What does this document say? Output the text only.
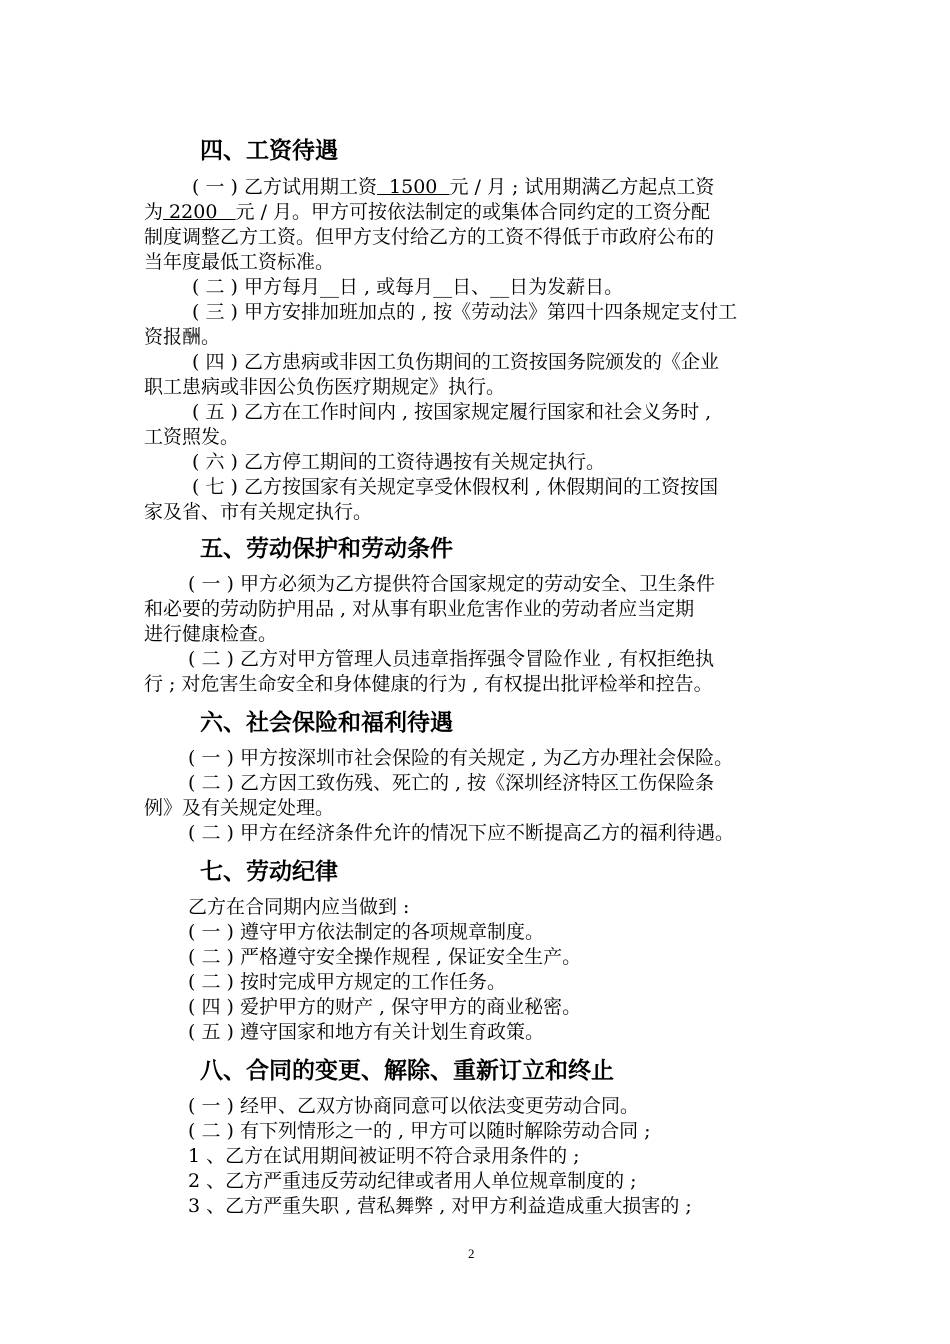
四、工资待遇
( 一 ) 乙方试用期工资  1500  元 / 月 ; 试用期满乙方起点工资
为 2200   元 / 月。甲方可按依法制定的或集体合同约定的工资分配
制度调整乙方工资。但甲方支付给乙方的工资不得低于市政府公布的
当年度最低工资标准。
( 二 ) 甲方每月__日 , 或每月__日、__日为发薪日。
( 三 ) 甲方安排加班加点的 , 按《劳动法》第四十四条规定支付工
资报酬。
( 四 ) 乙方患病或非因工负伤期间的工资按国务院颁发的《企业
职工患病或非因公负伤医疗期规定》执行。
( 五 ) 乙方在工作时间内 , 按国家规定履行国家和社会义务时 ,
工资照发。
( 六 ) 乙方停工期间的工资待遇按有关规定执行。
( 七 ) 乙方按国家有关规定享受休假权利 , 休假期间的工资按国
家及省、市有关规定执行。
五、劳动保护和劳动条件
( 一 ) 甲方必须为乙方提供符合国家规定的劳动安全、卫生条件
和必要的劳动防护用品 , 对从事有职业危害作业的劳动者应当定期
进行健康检查。
( 二 ) 乙方对甲方管理人员违章指挥强令冒险作业 , 有权拒绝执
行 ; 对危害生命安全和身体健康的行为 , 有权提出批评检举和控告。
六、社会保险和福利待遇
( 一 ) 甲方按深圳市社会保险的有关规定 , 为乙方办理社会保险。
( 二 ) 乙方因工致伤残、死亡的 , 按《深圳经济特区工伤保险条
例》及有关规定处理。
( 二 ) 甲方在经济条件允许的情况下应不断提高乙方的福利待遇。
七、劳动纪律
乙方在合同期内应当做到 :
( 一 ) 遵守甲方依法制定的各项规章制度。
( 二 ) 严格遵守安全操作规程 , 保证安全生产。
( 二 ) 按时完成甲方规定的工作任务。
( 四 ) 爱护甲方的财产 , 保守甲方的商业秘密。
( 五 ) 遵守国家和地方有关计划生育政策。
八、合同的变更、解除、重新订立和终止
( 一 ) 经甲、乙双方协商同意可以依法变更劳动合同。
( 二 ) 有下列情形之一的 , 甲方可以随时解除劳动合同 ;
1 、乙方在试用期间被证明不符合录用条件的 ;
2 、乙方严重违反劳动纪律或者用人单位规章制度的 ;
3 、乙方严重失职 , 营私舞弊 , 对甲方利益造成重大损害的 ;
2
